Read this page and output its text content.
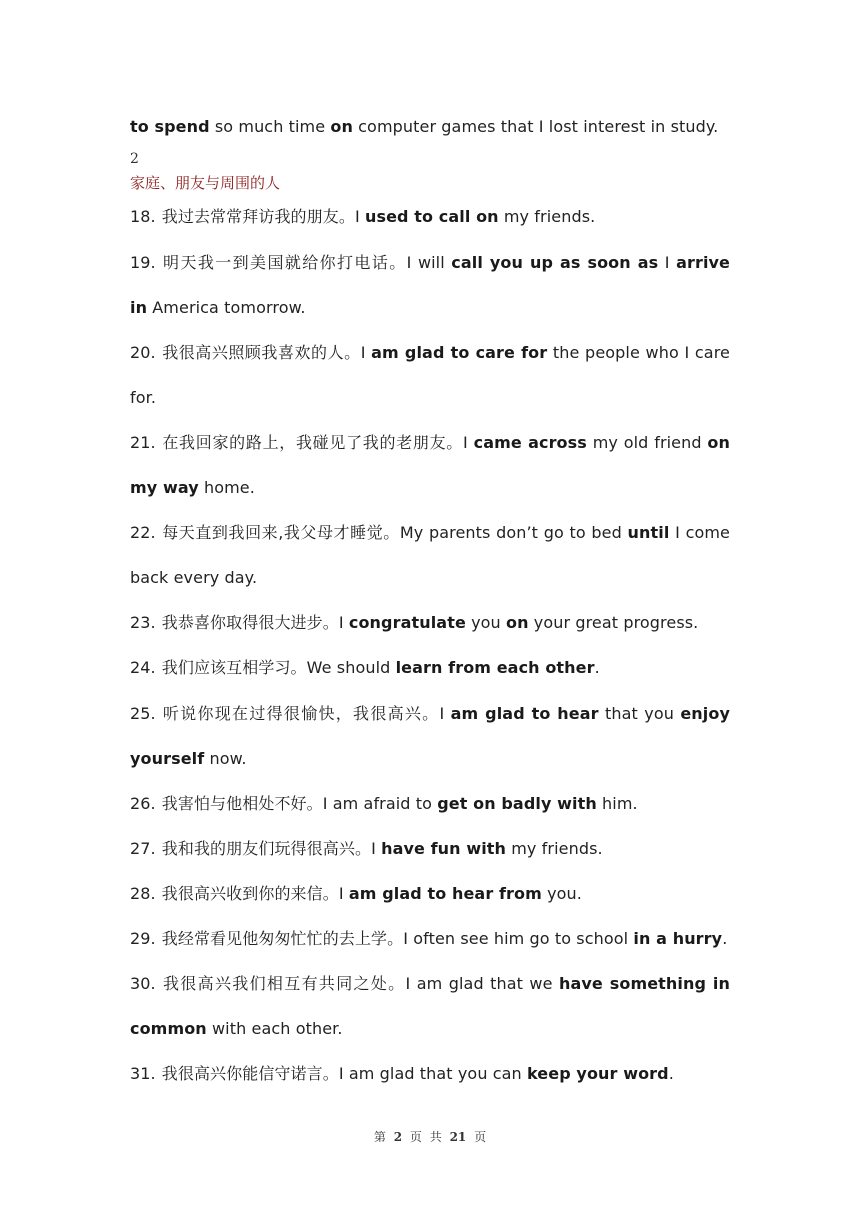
to spend so much time on computer games that I lost interest in study.
2
家庭、朋友与周围的人
18. 我过去常常拜访我的朋友。I used to call on my friends.
19. 明天我一到美国就给你打电话。I will call you up as soon as I arrive
in America tomorrow.
20. 我很高兴照顾我喜欢的人。I am glad to care for the people who I care
for.
21. 在我回家的路上，我碰见了我的老朋友。I came across my old friend on
my way home.
22. 每天直到我回来,我父母才睡觉。My parents don’t go to bed until I come
back every day.
23. 我恭喜你取得很大进步。I congratulate you on your great progress.
24. 我们应该互相学习。We should learn from each other.
25. 听说你现在过得很愉快，我很高兴。I am glad to hear that you enjoy
yourself now.
26. 我害怕与他相处不好。I am afraid to get on badly with him.
27. 我和我的朋友们玩得很高兴。I have fun with my friends.
28. 我很高兴收到你的来信。I am glad to hear from you.
29. 我经常看见他匆匆忙忙的去上学。I often see him go to school in a hurry.
30. 我很高兴我们相互有共同之处。I am glad that we have something in
common with each other.
31. 我很高兴你能信守诺言。I am glad that you can keep your word.
第 2 页 共 21 页
